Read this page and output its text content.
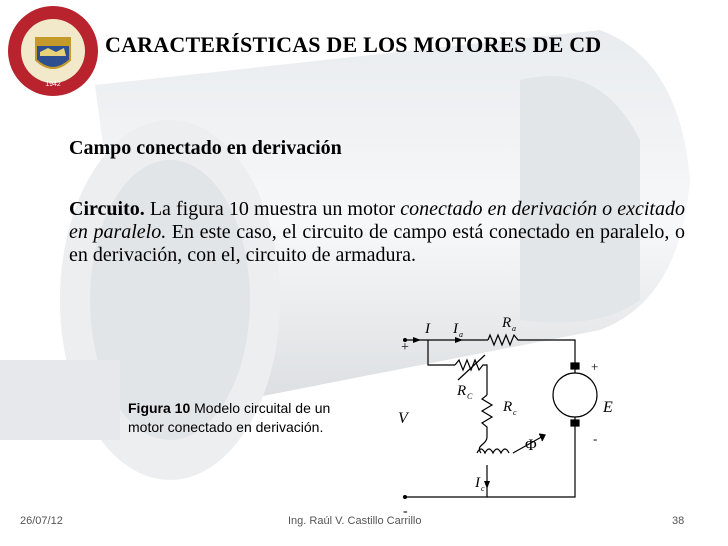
1942
CARACTERÍSTICAS DE LOS MOTORES DE CD
Campo conectado en derivación
Circuito. La figura 10 muestra un motor conectado en derivación o excitado en paralelo. En este caso, el circuito de campo está conectado en paralelo, o en derivación, con el, circuito de armadura.
Figura 10 Modelo circuital de un motor conectado en derivación.
I I a
R a
R C
R c
V
E
Φ
I c
+
-
+
-
26/07/12	Ing. Raúl V. Castillo Carrillo	38
